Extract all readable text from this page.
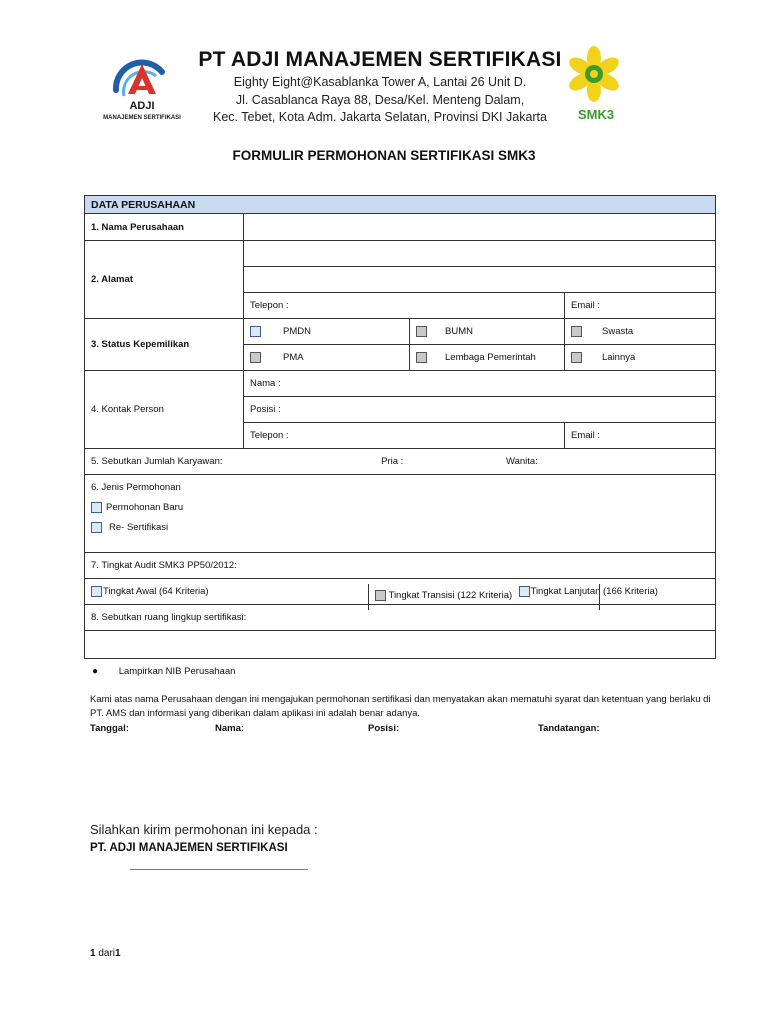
ADJI
MANAJEMEN SERTIFIKASI	SMK3
PT ADJI MANAJEMEN SERTIFIKASI
Eighty Eight@Kasablanka Tower A, Lantai 26 Unit D.
Jl. Casablanca Raya 88, Desa/Kel. Menteng Dalam,
Kec. Tebet, Kota Adm. Jakarta Selatan, Provinsi DKI Jakarta
FORMULIR PERMOHONAN SERTIFIKASI SMK3
DATA PERUSAHAAN			
1. Nama Perusahaan			
2. Alamat			

	Telepon :		Email :
3. Status Kepemilikan	PMDN	BUMN	Swasta
	PMA	Lembaga Pemerintah	Lainnya
4. Kontak Person	Nama :		
	Posisi :		
	Telepon :		Email :
5. Sebutkan Jumlah Karyawan: Pria : Wanita:			

6. Jenis Permohonan
Permohonan Baru
Re- Sertifikasi			

7. Tingkat Audit SMK3 PP50/2012:			
Tingkat Awal (64 Kriteria) Tingkat Transisi (122 Kriteria)		Tingkat Lanjutan (166 Kriteria)	
8. Sebutkan ruang lingkup sertifikasi:			

● Lampirkan NIB Perusahaan
Kami atas nama Perusahaan dengan ini mengajukan permohonan sertifikasi dan menyatakan akan mematuhi syarat dan ketentuan yang berlaku di PT. AMS dan informasi yang diberikan dalam aplikasi ini adalah benar adanya.
Tanggal:	Nama:	Posisi:	Tandatangan:
Silahkan kirim permohonan ini kepada :
PT. ADJI MANAJEMEN SERTIFIKASI
1 dari1
